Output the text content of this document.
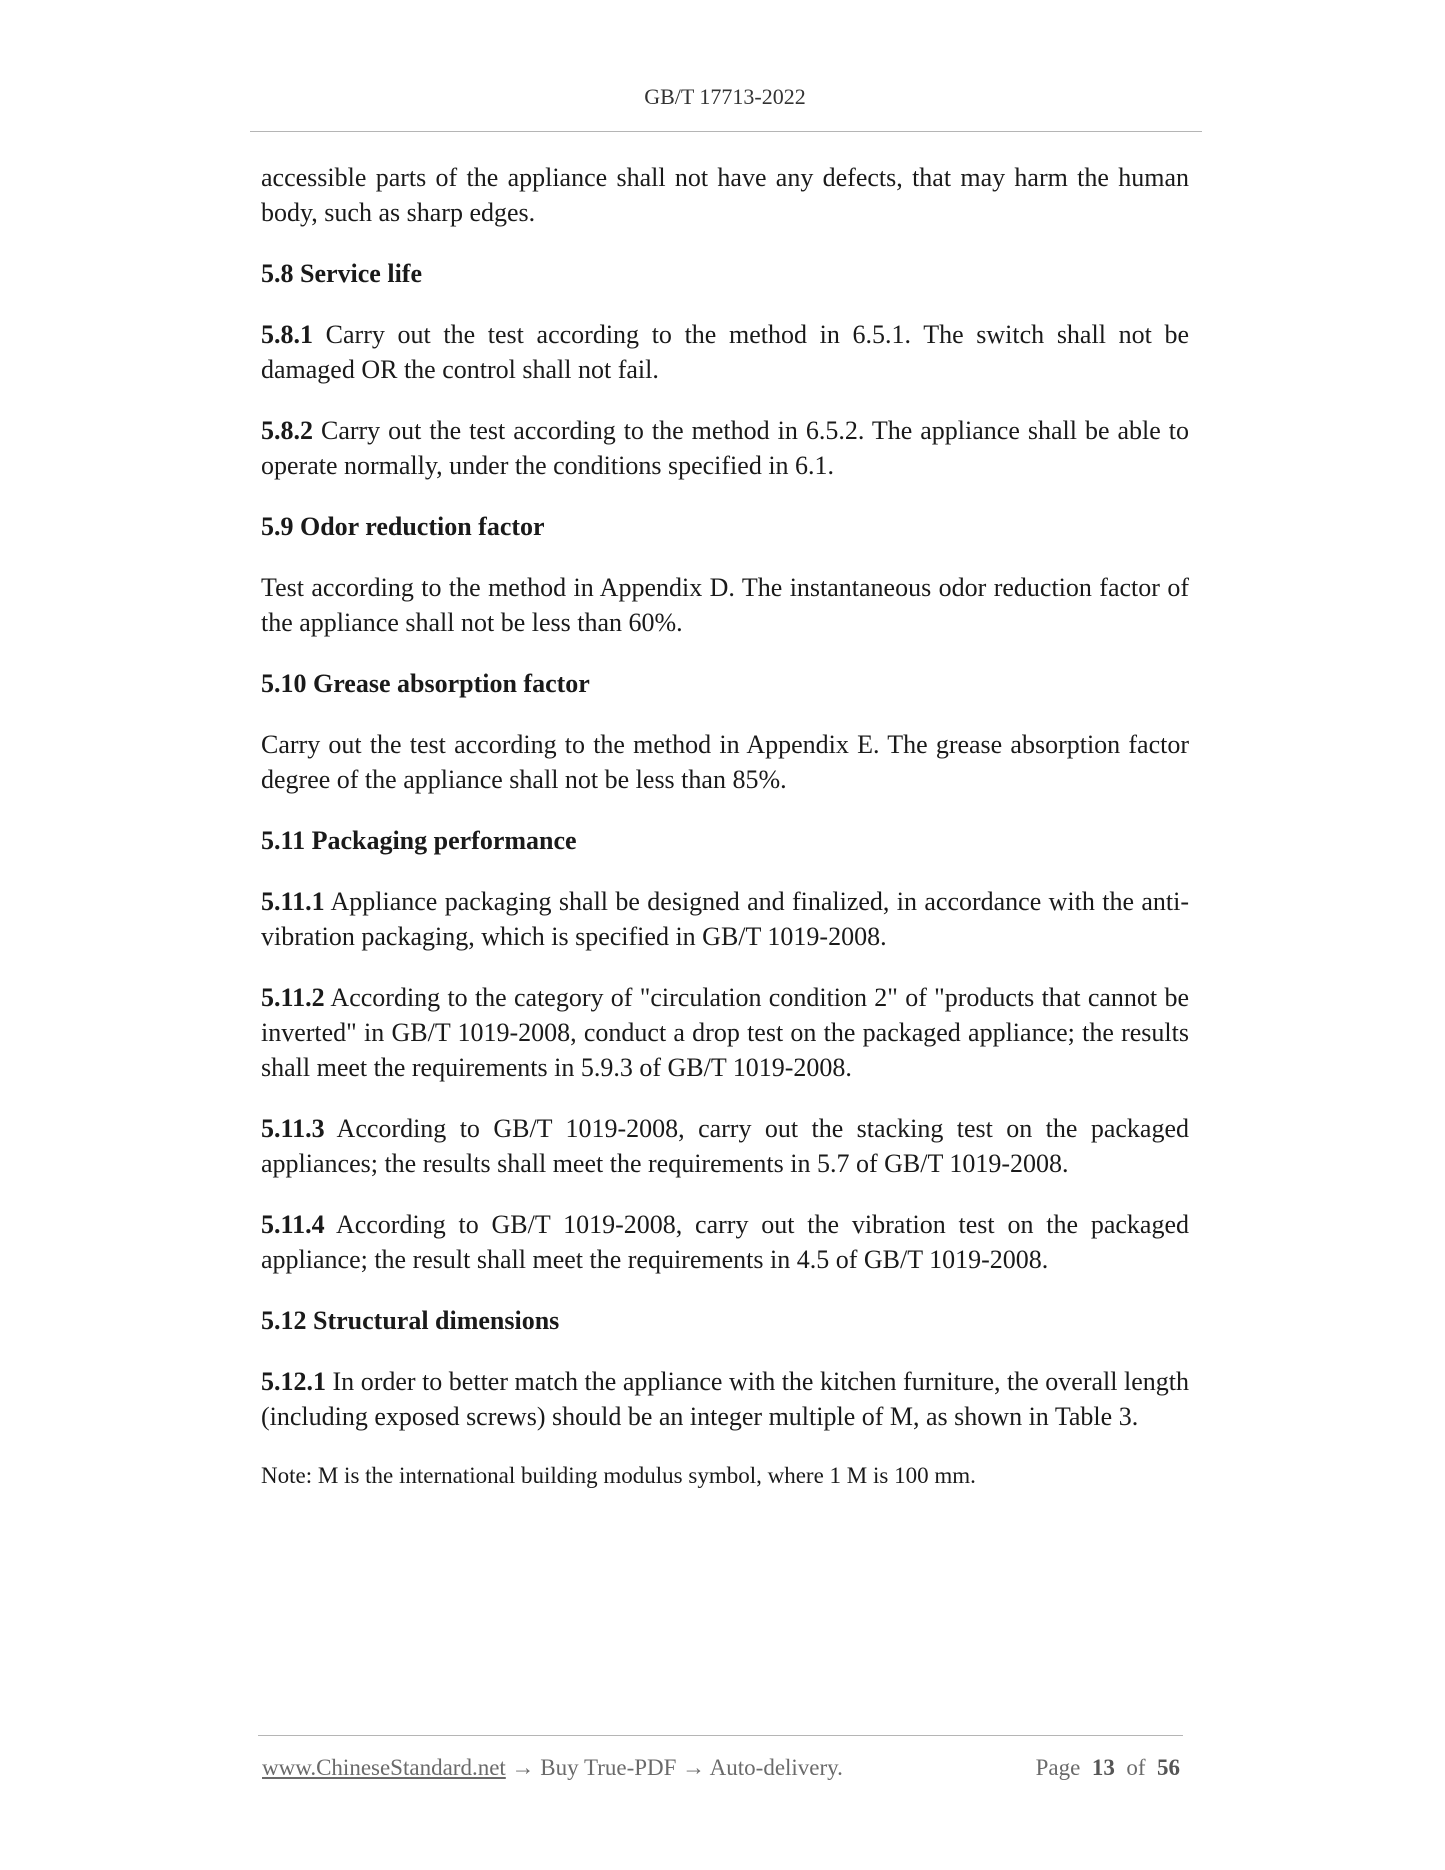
GB/T 17713-2022

accessible parts of the appliance shall not have any defects, that may harm the human body, such as sharp edges.

5.8 Service life

5.8.1 Carry out the test according to the method in 6.5.1. The switch shall not be damaged OR the control shall not fail.

5.8.2 Carry out the test according to the method in 6.5.2. The appliance shall be able to operate normally, under the conditions specified in 6.1.

5.9 Odor reduction factor

Test according to the method in Appendix D. The instantaneous odor reduction factor of the appliance shall not be less than 60%.

5.10 Grease absorption factor

Carry out the test according to the method in Appendix E. The grease absorption factor degree of the appliance shall not be less than 85%.

5.11 Packaging performance

5.11.1 Appliance packaging shall be designed and finalized, in accordance with the anti-vibration packaging, which is specified in GB/T 1019-2008.

5.11.2 According to the category of "circulation condition 2" of "products that cannot be inverted" in GB/T 1019-2008, conduct a drop test on the packaged appliance; the results shall meet the requirements in 5.9.3 of GB/T 1019-2008.

5.11.3 According to GB/T 1019-2008, carry out the stacking test on the packaged appliances; the results shall meet the requirements in 5.7 of GB/T 1019-2008.

5.11.4 According to GB/T 1019-2008, carry out the vibration test on the packaged appliance; the result shall meet the requirements in 4.5 of GB/T 1019-2008.

5.12 Structural dimensions

5.12.1 In order to better match the appliance with the kitchen furniture, the overall length (including exposed screws) should be an integer multiple of M, as shown in Table 3.

Note: M is the international building modulus symbol, where 1 M is 100 mm.

www.ChineseStandard.net → Buy True-PDF → Auto-delivery.	Page 13 of 56
